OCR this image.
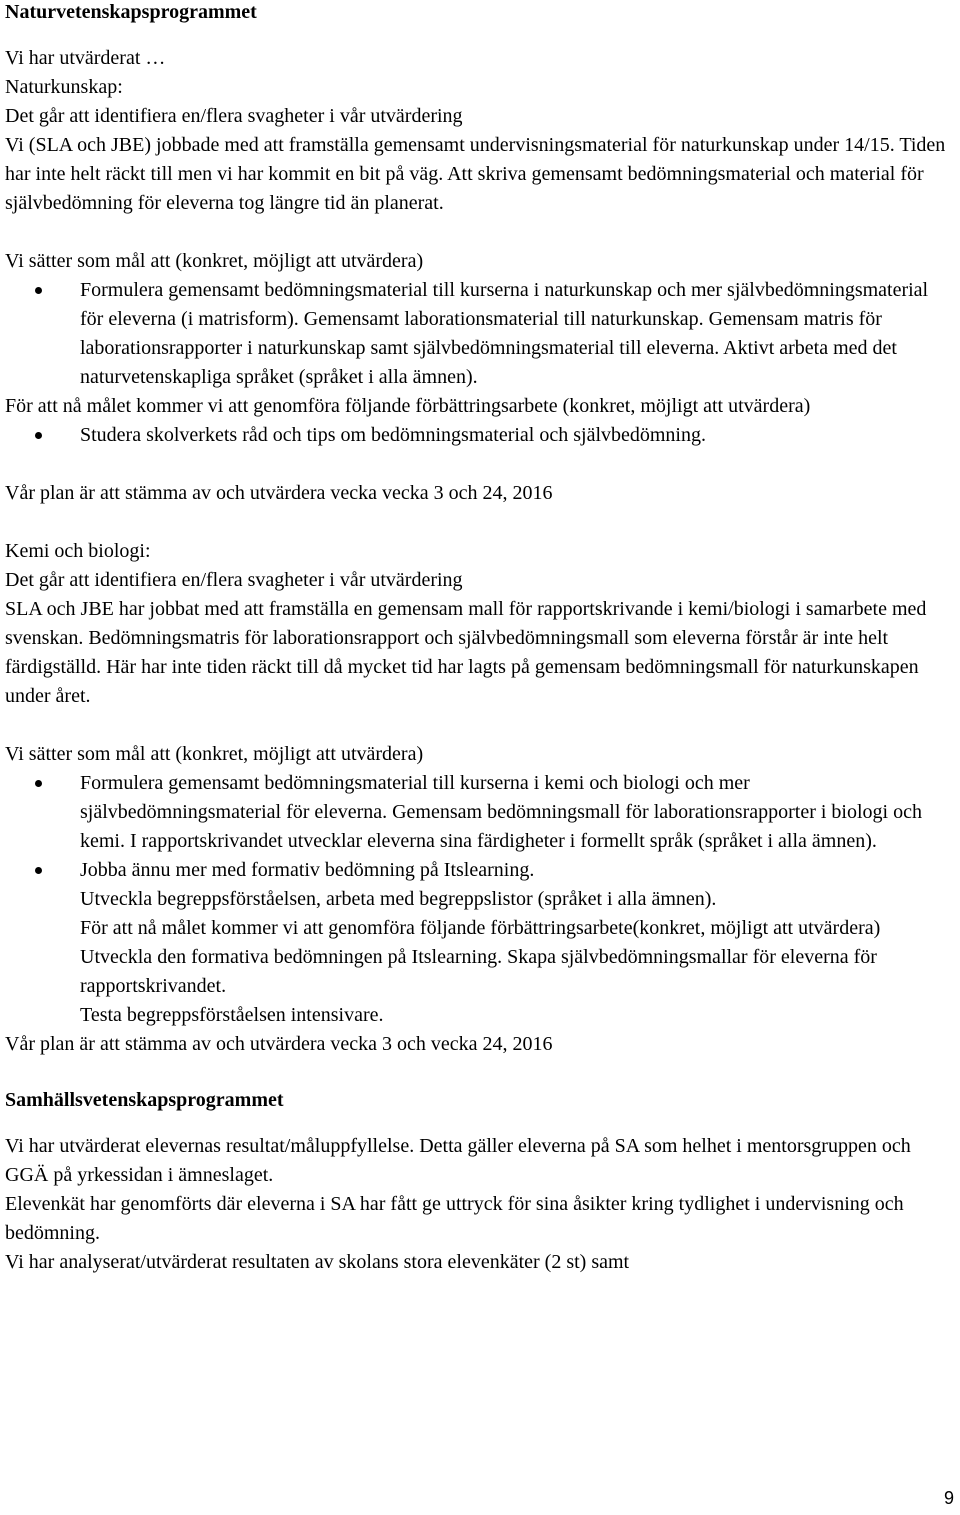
Naturvetenskapsprogrammet

Vi har utvärderat …

Naturkunskap:

Det går att identifiera en/flera svagheter i vår utvärdering

Vi (SLA och JBE) jobbade med att framställa gemensamt undervisningsmaterial för naturkunskap under 14/15. Tiden har inte helt räckt till men vi har kommit en bit på väg. Att skriva gemensamt bedömningsmaterial och material för självbedömning för eleverna tog längre tid än planerat.

Vi sätter som mål att (konkret, möjligt att utvärdera)

Formulera gemensamt bedömningsmaterial till kurserna i naturkunskap och mer självbedömningsmaterial för eleverna (i matrisform). Gemensamt laborationsmaterial till naturkunskap. Gemensam matris för laborationsrapporter i naturkunskap samt självbedömningsmaterial till eleverna. Aktivt arbeta med det naturvetenskapliga språket (språket i alla ämnen).

För att nå målet kommer vi att genomföra följande förbättringsarbete (konkret, möjligt att utvärdera)

Studera skolverkets råd och tips om bedömningsmaterial och självbedömning.

Vår plan är att stämma av och utvärdera vecka vecka 3 och 24, 2016

Kemi och biologi:

Det går att identifiera en/flera svagheter i vår utvärdering

SLA och JBE har jobbat med att framställa en gemensam mall för rapportskrivande i kemi/biologi i samarbete med svenskan. Bedömningsmatris för laborationsrapport och självbedömningsmall som eleverna förstår är inte helt färdigställd. Här har inte tiden räckt till då mycket tid har lagts på gemensam bedömningsmall för naturkunskapen under året.

Vi sätter som mål att (konkret, möjligt att utvärdera)

Formulera gemensamt bedömningsmaterial till kurserna i kemi och biologi och mer självbedömningsmaterial för eleverna. Gemensam bedömningsmall för laborationsrapporter i biologi och kemi. I rapportskrivandet utvecklar eleverna sina färdigheter i formellt språk (språket i alla ämnen).
Jobba ännu mer med formativ bedömning på Itslearning.

Utveckla begreppsförståelsen, arbeta med begreppslistor (språket i alla ämnen).

För att nå målet kommer vi att genomföra följande förbättringsarbete(konkret, möjligt att utvärdera)

Utveckla den formativa bedömningen på Itslearning. Skapa självbedömningsmallar för eleverna för rapportskrivandet.

Testa begreppsförståelsen intensivare.

Vår plan är att stämma av och utvärdera vecka 3 och vecka 24, 2016

Samhällsvetenskapsprogrammet

Vi har utvärderat elevernas resultat/måluppfyllelse. Detta gäller eleverna på SA som helhet i mentorsgruppen och GGÄ på yrkessidan i ämneslaget.

Elevenkät har genomförts där eleverna i SA har fått ge uttryck för sina åsikter kring tydlighet i undervisning och bedömning.

Vi har analyserat/utvärderat resultaten av skolans stora elevenkäter (2 st) samt

9
